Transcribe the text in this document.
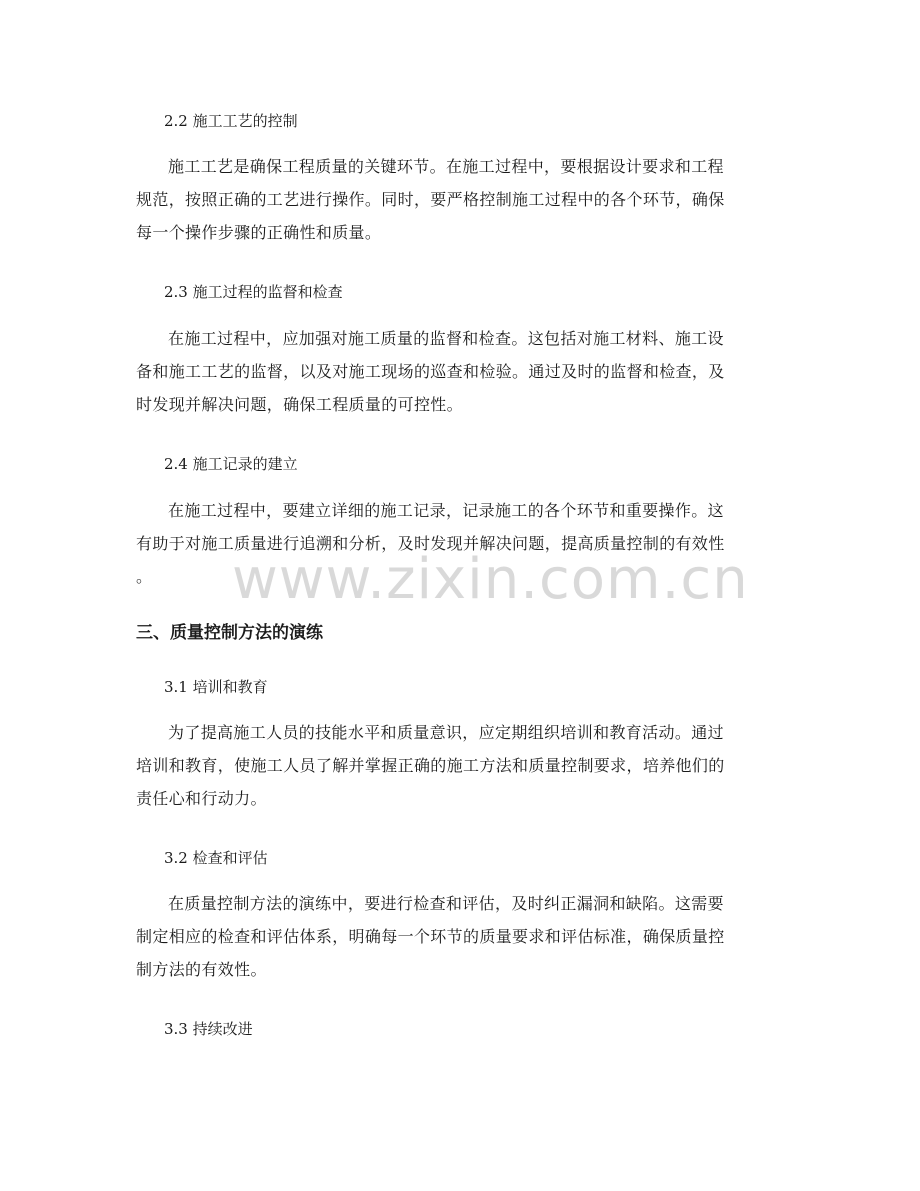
2.2 施工工艺的控制
施工工艺是确保工程质量的关键环节。在施工过程中，要根据设计要求和工程
规范，按照正确的工艺进行操作。同时，要严格控制施工过程中的各个环节，确保
每一个操作步骤的正确性和质量。
2.3 施工过程的监督和检查
在施工过程中，应加强对施工质量的监督和检查。这包括对施工材料、施工设
备和施工工艺的监督，以及对施工现场的巡查和检验。通过及时的监督和检查，及
时发现并解决问题，确保工程质量的可控性。
2.4 施工记录的建立
在施工过程中，要建立详细的施工记录，记录施工的各个环节和重要操作。这
有助于对施工质量进行追溯和分析，及时发现并解决问题，提高质量控制的有效性
。	www.zixin.com.cn
三、质量控制方法的演练
3.1 培训和教育
为了提高施工人员的技能水平和质量意识，应定期组织培训和教育活动。通过
培训和教育，使施工人员了解并掌握正确的施工方法和质量控制要求，培养他们的
责任心和行动力。
3.2 检查和评估
在质量控制方法的演练中，要进行检查和评估，及时纠正漏洞和缺陷。这需要
制定相应的检查和评估体系，明确每一个环节的质量要求和评估标准，确保质量控
制方法的有效性。
3.3 持续改进
